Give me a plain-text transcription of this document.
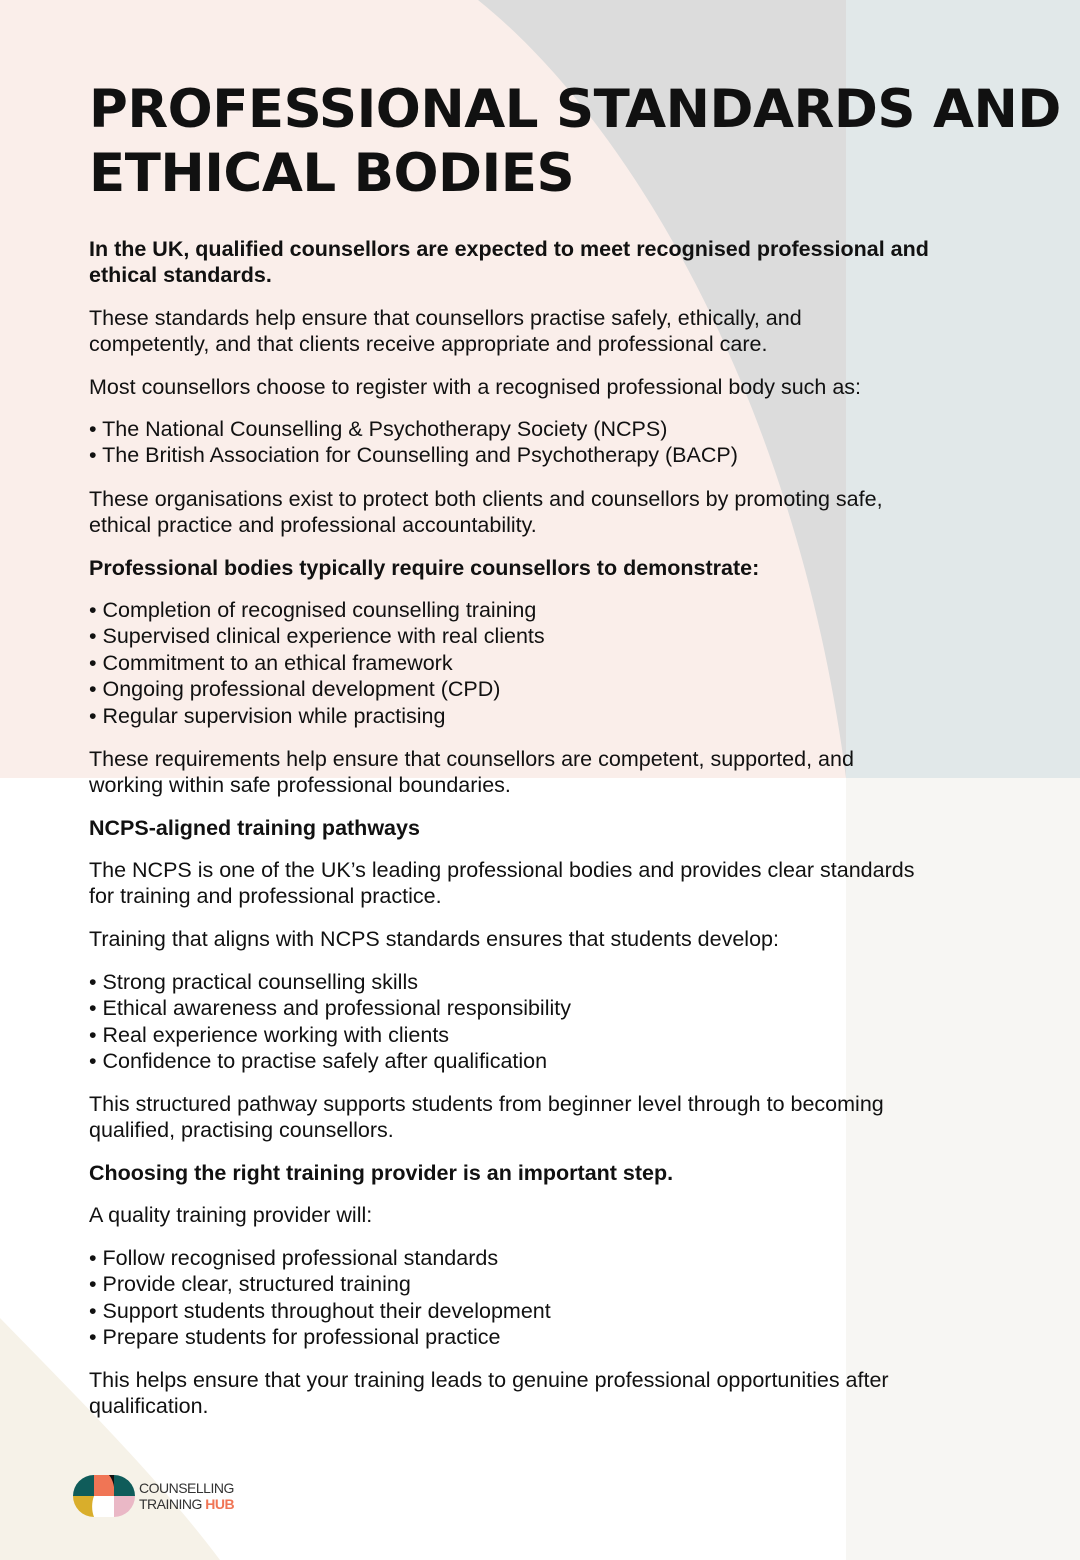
PROFESSIONAL STANDARDS AND
ETHICAL BODIES
In the UK, qualified counsellors are expected to meet recognised professional and
ethical standards.
These standards help ensure that counsellors practise safely, ethically, and
competently, and that clients receive appropriate and professional care.
Most counsellors choose to register with a recognised professional body such as:
• The National Counselling & Psychotherapy Society (NCPS)
• The British Association for Counselling and Psychotherapy (BACP)
These organisations exist to protect both clients and counsellors by promoting safe,
ethical practice and professional accountability.
Professional bodies typically require counsellors to demonstrate:
• Completion of recognised counselling training
• Supervised clinical experience with real clients
• Commitment to an ethical framework
• Ongoing professional development (CPD)
• Regular supervision while practising
These requirements help ensure that counsellors are competent, supported, and
working within safe professional boundaries.
NCPS-aligned training pathways
The NCPS is one of the UK’s leading professional bodies and provides clear standards
for training and professional practice.
Training that aligns with NCPS standards ensures that students develop:
• Strong practical counselling skills
• Ethical awareness and professional responsibility
• Real experience working with clients
• Confidence to practise safely after qualification
This structured pathway supports students from beginner level through to becoming
qualified, practising counsellors.
Choosing the right training provider is an important step.
A quality training provider will:
• Follow recognised professional standards
• Provide clear, structured training
• Support students throughout their development
• Prepare students for professional practice
This helps ensure that your training leads to genuine professional opportunities after
qualification.
COUNSELLING
TRAINING HUB
